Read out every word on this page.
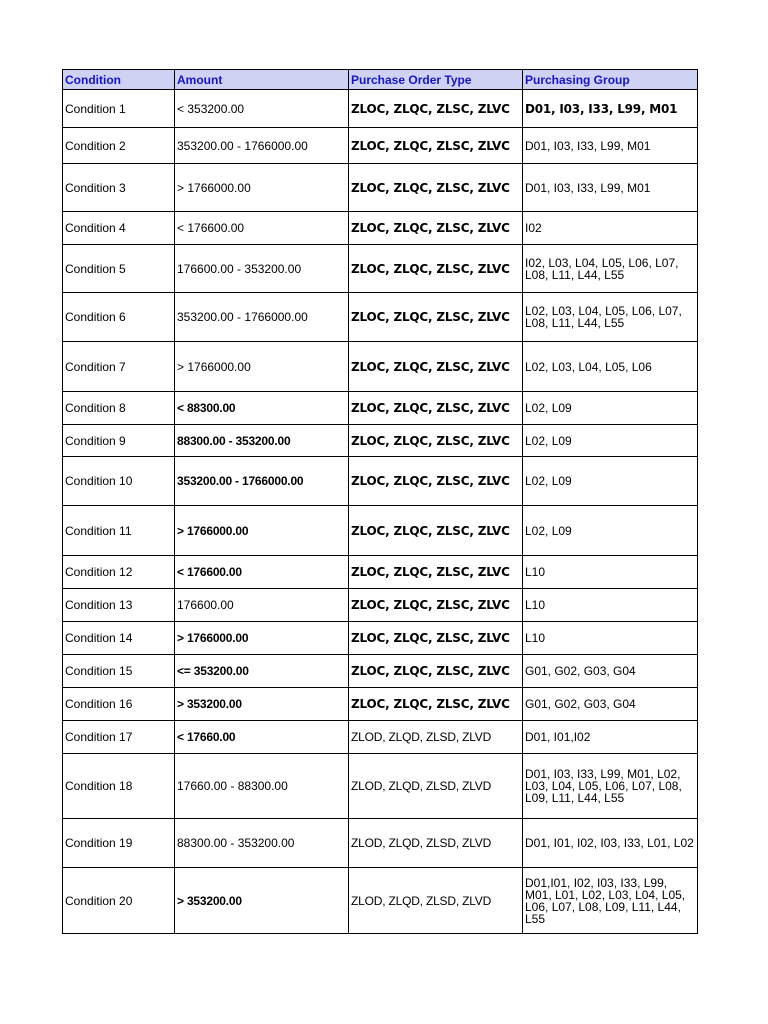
Condition	Amount	Purchase Order Type	Purchasing Group
Condition 1	< 353200.00	ZLOC, ZLQC, ZLSC, ZLVC	D01, I03, I33, L99, M01
Condition 2	353200.00 - 1766000.00	ZLOC, ZLQC, ZLSC, ZLVC	D01, I03, I33, L99, M01
Condition 3	> 1766000.00	ZLOC, ZLQC, ZLSC, ZLVC	D01, I03, I33, L99, M01
Condition 4	< 176600.00	ZLOC, ZLQC, ZLSC, ZLVC	I02
Condition 5	176600.00 - 353200.00	ZLOC, ZLQC, ZLSC, ZLVC	I02, L03, L04, L05, L06, L07, L08, L11, L44, L55
Condition 6	353200.00 - 1766000.00	ZLOC, ZLQC, ZLSC, ZLVC	L02, L03, L04, L05, L06, L07, L08, L11, L44, L55
Condition 7	> 1766000.00	ZLOC, ZLQC, ZLSC, ZLVC	L02, L03, L04, L05, L06
Condition 8	< 88300.00	ZLOC, ZLQC, ZLSC, ZLVC	L02, L09
Condition 9	88300.00 - 353200.00	ZLOC, ZLQC, ZLSC, ZLVC	L02, L09
Condition 10	353200.00 - 1766000.00	ZLOC, ZLQC, ZLSC, ZLVC	L02, L09
Condition 11	> 1766000.00	ZLOC, ZLQC, ZLSC, ZLVC	L02, L09
Condition 12	< 176600.00	ZLOC, ZLQC, ZLSC, ZLVC	L10
Condition 13	176600.00	ZLOC, ZLQC, ZLSC, ZLVC	L10
Condition 14	> 1766000.00	ZLOC, ZLQC, ZLSC, ZLVC	L10
Condition 15	<= 353200.00	ZLOC, ZLQC, ZLSC, ZLVC	G01, G02, G03, G04
Condition 16	> 353200.00	ZLOC, ZLQC, ZLSC, ZLVC	G01, G02, G03, G04
Condition 17	< 17660.00	ZLOD, ZLQD, ZLSD, ZLVD	D01, I01,I02
Condition 18	17660.00 - 88300.00	ZLOD, ZLQD, ZLSD, ZLVD	D01, I03, I33, L99, M01, L02, L03, L04, L05, L06, L07, L08, L09, L11, L44, L55
Condition 19	88300.00 - 353200.00	ZLOD, ZLQD, ZLSD, ZLVD	D01, I01, I02, I03, I33, L01, L02
Condition 20	> 353200.00	ZLOD, ZLQD, ZLSD, ZLVD	D01,I01, I02, I03, I33, L99, M01, L01, L02, L03, L04, L05, L06, L07, L08, L09, L11, L44, L55
